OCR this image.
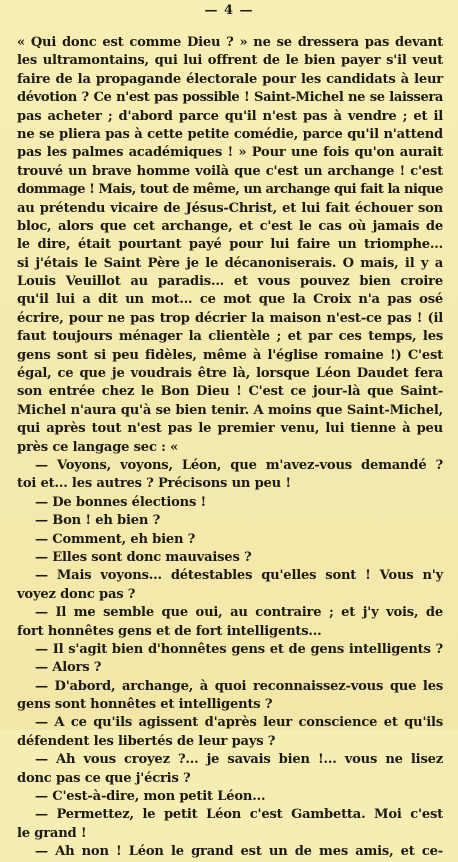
— 4 —
« Qui donc est comme Dieu ? » ne se dressera pas devant
les ultramontains, qui lui offrent de le bien payer s'il veut
faire de la propagande électorale pour les candidats à leur
dévotion ? Ce n'est pas possible ! Saint-Michel ne se laissera
pas acheter ; d'abord parce qu'il n'est pas à vendre ; et il
ne se pliera pas à cette petite comédie, parce qu'il n'attend
pas les palmes académiques ! » Pour une fois qu'on aurait
trouvé un brave homme voilà que c'est un archange ! c'est
dommage ! Mais, tout de même, un archange qui fait la nique
au prétendu vicaire de Jésus-Christ, et lui fait échouer son
bloc, alors que cet archange, et c'est le cas où jamais de
le dire, était pourtant payé pour lui faire un triomphe...
si j'étais le Saint Père je le décanoniserais. O mais, il y a
Louis Veuillot au paradis... et vous pouvez bien croire
qu'il lui a dit un mot... ce mot que la Croix n'a pas osé
écrire, pour ne pas trop décrier la maison n'est-ce pas ! (il
faut toujours ménager la clientèle ; et par ces temps, les
gens sont si peu fidèles, même à l'église romaine !) C'est
égal, ce que je voudrais être là, lorsque Léon Daudet fera
son entrée chez le Bon Dieu ! C'est ce jour-là que Saint-
Michel n'aura qu'à se bien tenir. A moins que Saint-Michel,
qui après tout n'est pas le premier venu, lui tienne à peu
près ce langage sec : «
— Voyons, voyons, Léon, que m'avez-vous demandé ?
toi et... les autres ? Précisons un peu !
— De bonnes élections !
— Bon ! eh bien ?
— Comment, eh bien ?
— Elles sont donc mauvaises ?
— Mais voyons... détestables qu'elles sont ! Vous n'y
voyez donc pas ?
— Il me semble que oui, au contraire ; et j'y vois, de
fort honnêtes gens et de fort intelligents...
— Il s'agit bien d'honnêtes gens et de gens intelligents ?
— Alors ?
— D'abord, archange, à quoi reconnaissez-vous que les
gens sont honnêtes et intelligents ?
— A ce qu'ils agissent d'après leur conscience et qu'ils
défendent les libertés de leur pays ?
— Ah vous croyez ?... je savais bien !... vous ne lisez
donc pas ce que j'écris ?
— C'est-à-dire, mon petit Léon...
— Permettez, le petit Léon c'est Gambetta. Moi c'est
le grand !
— Ah non ! Léon le grand est un de mes amis, et ce-
